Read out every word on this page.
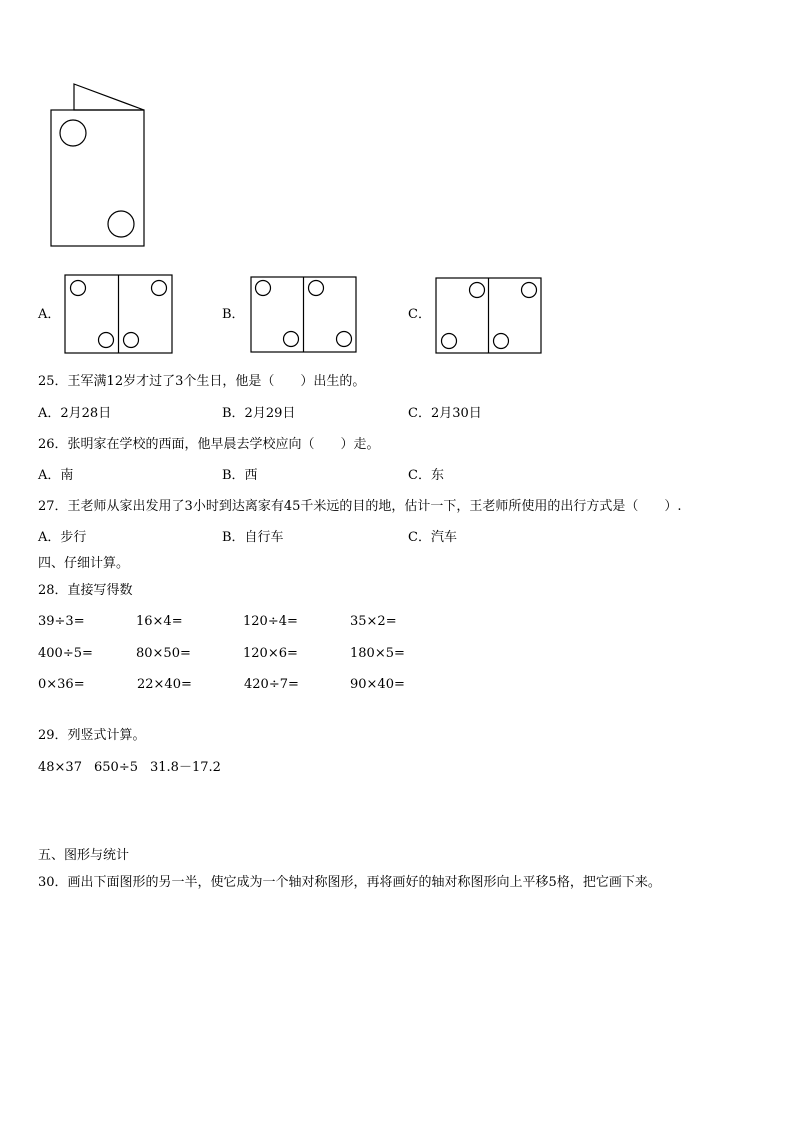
A．	B．	C．
25．王军满12岁才过了3个生日，他是（　　）出生的。
A．2月28日	B．2月29日	C．2月30日
26．张明家在学校的西面，他早晨去学校应向（　　）走。
A．南	B．西	C．东
27．王老师从家出发用了3小时到达离家有45千米远的目的地，估计一下，王老师所使用的出行方式是（　　）.
A．步行	B．自行车	C．汽车
四、仔细计算。
28．直接写得数
39÷3=	16×4=	120÷4=	35×2=
400÷5=	80×50=	120×6=	180×5=
0×36=	22×40=	420÷7=	90×40=
29．列竖式计算。
48×37 650÷5 31.8－17.2
五、图形与统计
30．画出下面图形的另一半，使它成为一个轴对称图形，再将画好的轴对称图形向上平移5格，把它画下来。
